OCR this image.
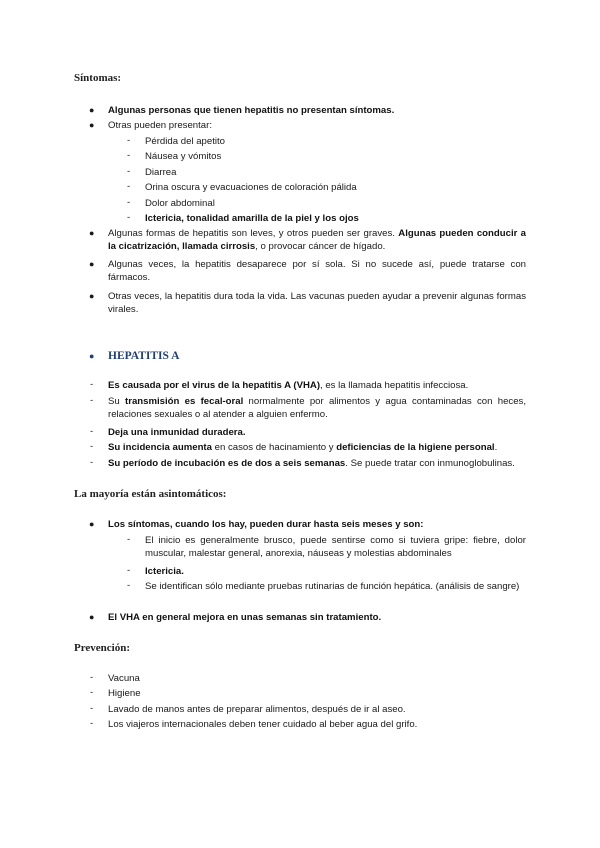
Síntomas:
● Algunas personas que tienen hepatitis no presentan síntomas.
● Otras pueden presentar:
- Pérdida del apetito
- Náusea y vómitos
- Diarrea
- Orina oscura y evacuaciones de coloración pálida
- Dolor abdominal
- Ictericia, tonalidad amarilla de la piel y los ojos
● Algunas formas de hepatitis son leves, y otros pueden ser graves. Algunas pueden conducir a la cicatrización, llamada cirrosis, o provocar cáncer de hígado.
● Algunas veces, la hepatitis desaparece por sí sola. Si no sucede así, puede tratarse con fármacos.
● Otras veces, la hepatitis dura toda la vida. Las vacunas pueden ayudar a prevenir algunas formas virales.
● HEPATITIS A
- Es causada por el virus de la hepatitis A (VHA), es la llamada hepatitis infecciosa.
- Su transmisión es fecal-oral normalmente por alimentos y agua contaminadas con heces, relaciones sexuales o al atender a alguien enfermo.
- Deja una inmunidad duradera.
- Su incidencia aumenta en casos de hacinamiento y deficiencias de la higiene personal.
- Su período de incubación es de dos a seis semanas. Se puede tratar con inmunoglobulinas.
La mayoría están asintomáticos:
● Los síntomas, cuando los hay, pueden durar hasta seis meses y son:
- El inicio es generalmente brusco, puede sentirse como si tuviera gripe: fiebre, dolor muscular, malestar general, anorexia, náuseas y molestias abdominales
- Ictericia.
- Se identifican sólo mediante pruebas rutinarias de función hepática. (análisis de sangre)
● El VHA en general mejora en unas semanas sin tratamiento.
Prevención:
- Vacuna
- Higiene
- Lavado de manos antes de preparar alimentos, después de ir al aseo.
- Los viajeros internacionales deben tener cuidado al beber agua del grifo.
